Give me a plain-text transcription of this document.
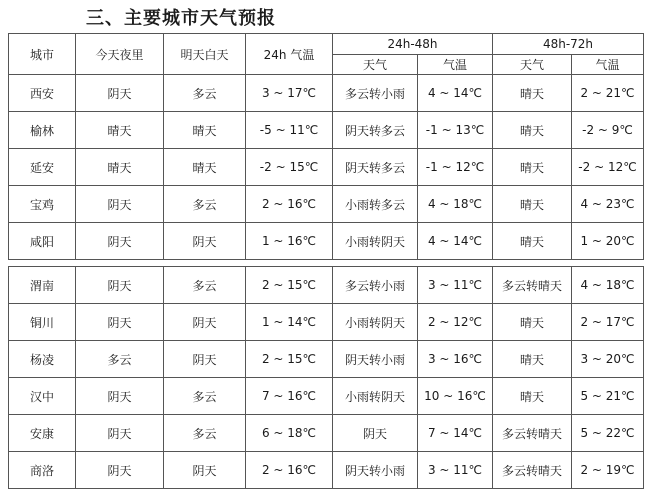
三、主要城市天气预报
城市	今天夜里	明天白天	24h 气温	24h-48h		48h-72h	
				天气	气温	天气	气温
西安	阴天	多云	3 ~ 17℃	多云转小雨	4 ~ 14℃	晴天	2 ~ 21℃
榆林	晴天	晴天	-5 ~ 11℃	阴天转多云	-1 ~ 13℃	晴天	-2 ~ 9℃
延安	晴天	晴天	-2 ~ 15℃	阴天转多云	-1 ~ 12℃	晴天	-2 ~ 12℃
宝鸡	阴天	多云	2 ~ 16℃	小雨转多云	4 ~ 18℃	晴天	4 ~ 23℃
咸阳	阴天	阴天	1 ~ 16℃	小雨转阴天	4 ~ 14℃	晴天	1 ~ 20℃

渭南	阴天	多云	2 ~ 15℃	多云转小雨	3 ~ 11℃	多云转晴天	4 ~ 18℃
铜川	阴天	阴天	1 ~ 14℃	小雨转阴天	2 ~ 12℃	晴天	2 ~ 17℃
杨凌	多云	阴天	2 ~ 15℃	阴天转小雨	3 ~ 16℃	晴天	3 ~ 20℃
汉中	阴天	多云	7 ~ 16℃	小雨转阴天	10 ~ 16℃	晴天	5 ~ 21℃
安康	阴天	多云	6 ~ 18℃	阴天	7 ~ 14℃	多云转晴天	5 ~ 22℃
商洛	阴天	阴天	2 ~ 16℃	阴天转小雨	3 ~ 11℃	多云转晴天	2 ~ 19℃
